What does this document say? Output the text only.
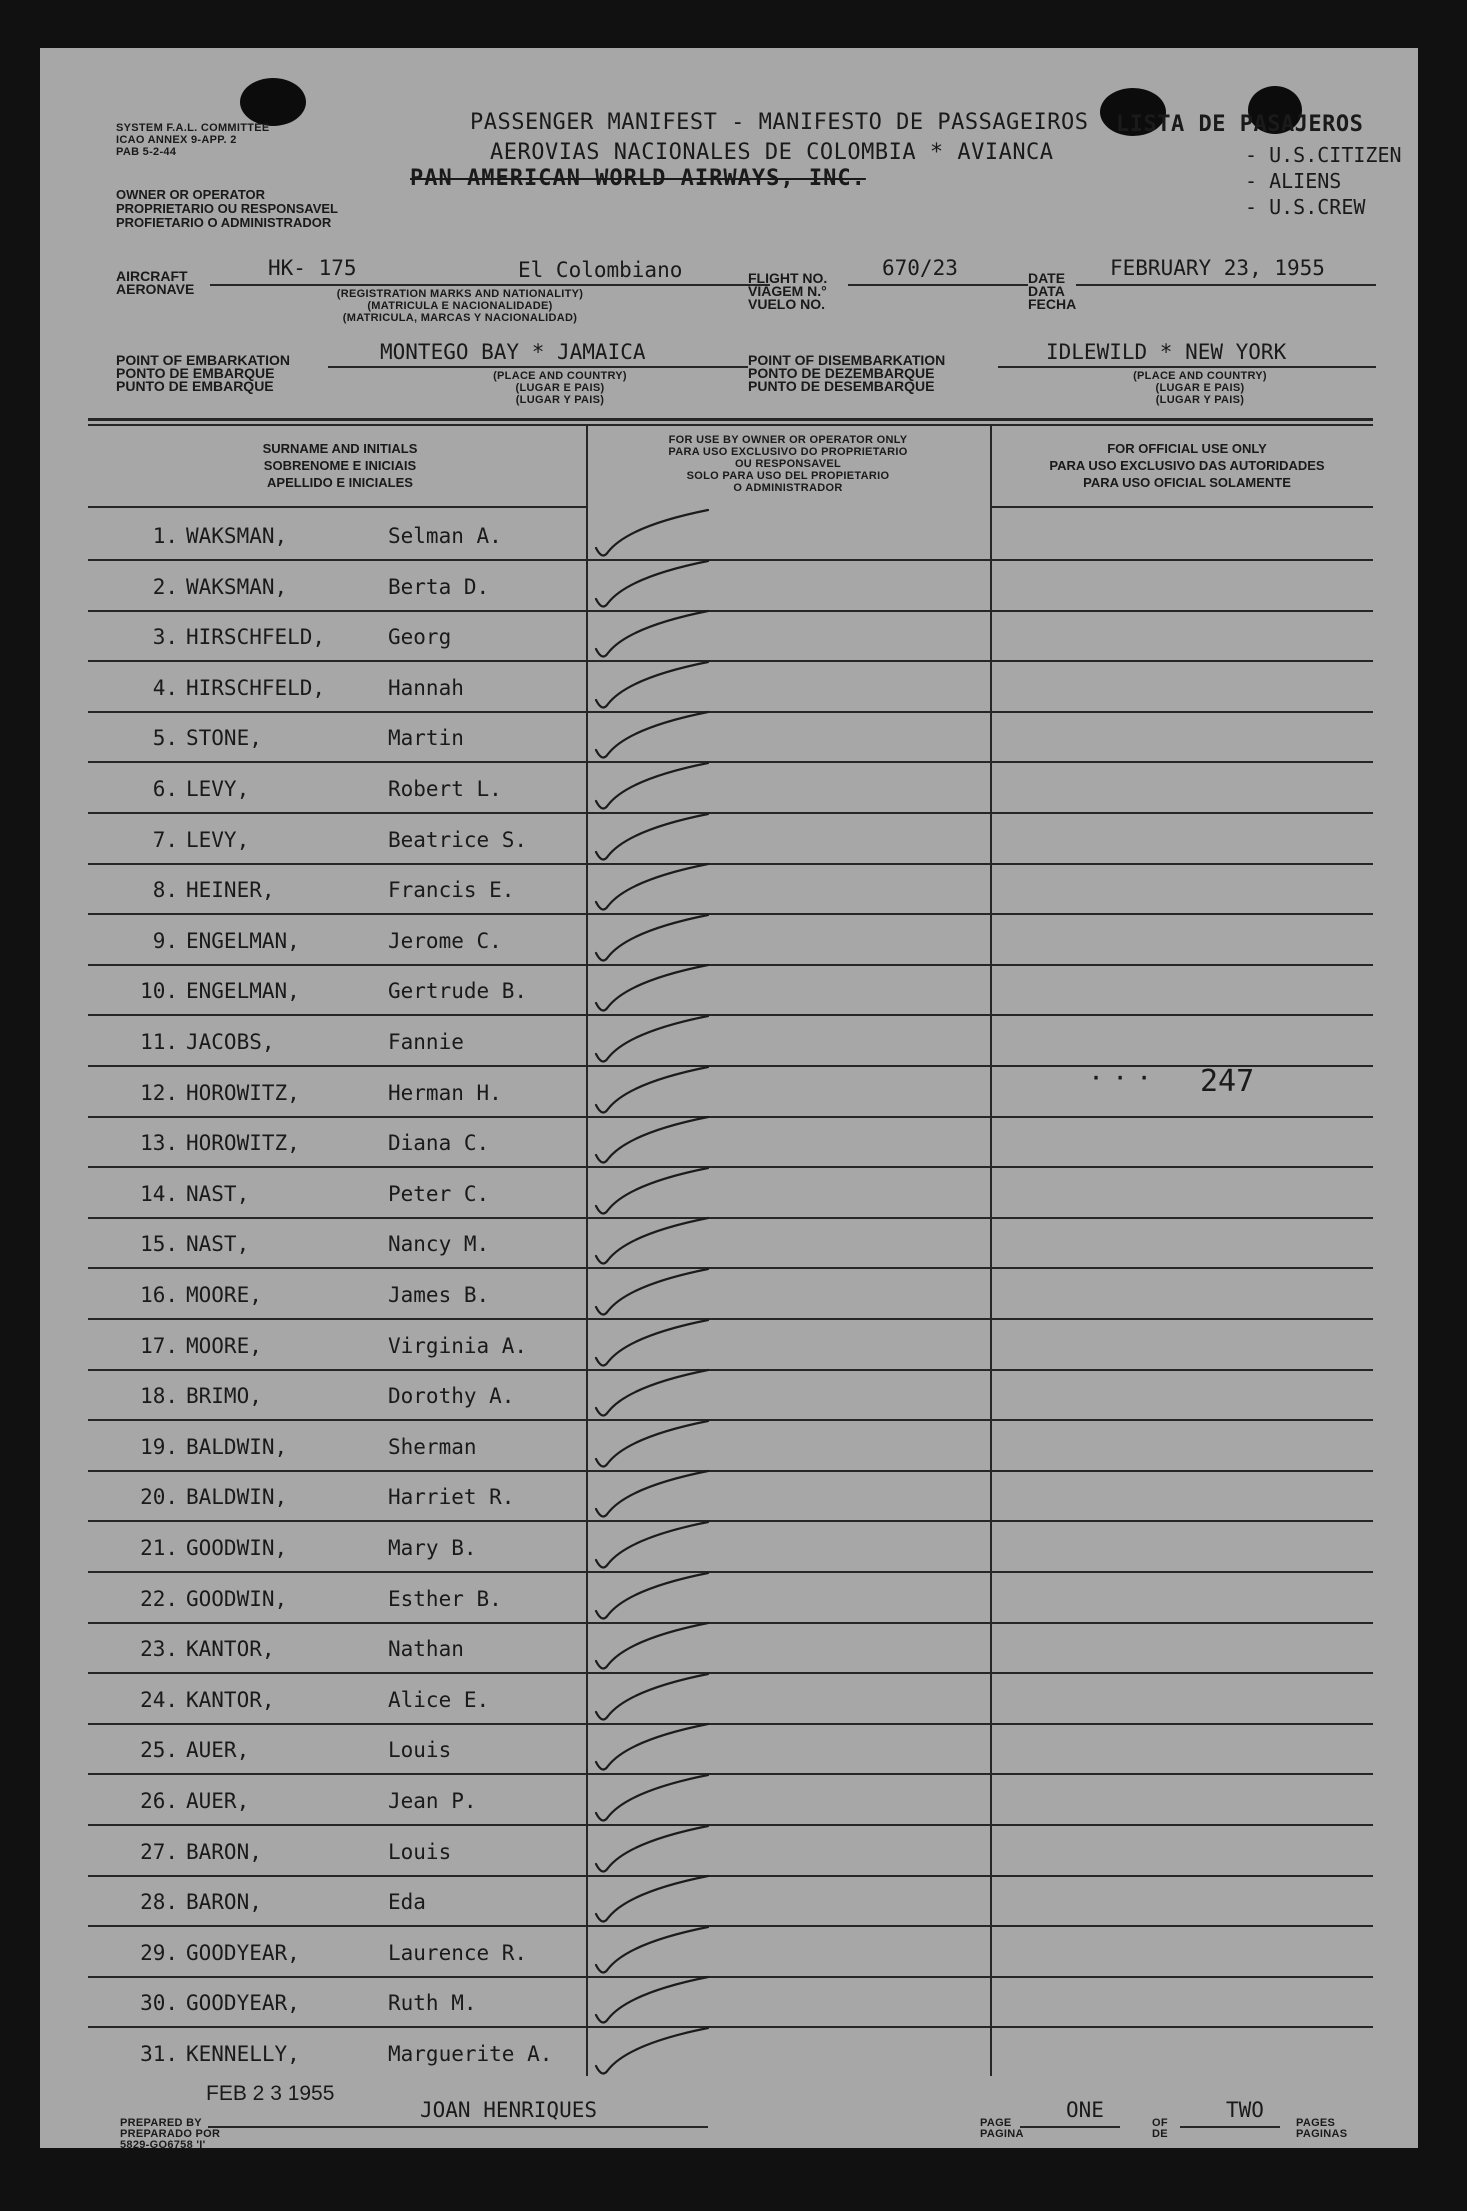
SYSTEM F.A.L. COMMITTEE
ICAO ANNEX 9-APP. 2
PAB 5-2-44
OWNER OR OPERATOR
PROPRIETARIO OU RESPONSAVEL
PROFIETARIO O ADMINISTRADOR
PASSENGER MANIFEST - MANIFESTO DE PASSAGEIROS LISTA DE PASAJEROS
AEROVIAS NACIONALES DE COLOMBIA * AVIANCA
PAN AMERICAN WORLD AIRWAYS, INC.
- U.S.CITIZEN
- ALIENS
- U.S.CREW
AIRCRAFT
AERONAVE
HK- 175	El Colombiano
(REGISTRATION MARKS AND NATIONALITY)
(MATRICULA E NACIONALIDADE)
(MATRICULA, MARCAS Y NACIONALIDAD)
FLIGHT NO.
VIAGEM N.°
VUELO NO.
670/23	DATE
DATA
FECHA
FEBRUARY 23, 1955
POINT OF EMBARKATION
PONTO DE EMBARQUE
PUNTO DE EMBARQUE
MONTEGO BAY * JAMAICA
(PLACE AND COUNTRY)
(LUGAR E PAIS)
(LUGAR Y PAIS)
POINT OF DISEMBARKATION
PONTO DE DEZEMBARQUE
PUNTO DE DESEMBARQUE
IDLEWILD * NEW YORK
(PLACE AND COUNTRY)
(LUGAR E PAIS)
(LUGAR Y PAIS)
SURNAME AND INITIALS
SOBRENOME E INICIAIS
APELLIDO E INICIALES
FOR USE BY OWNER OR OPERATOR ONLY
PARA USO EXCLUSIVO DO PROPRIETARIO
OU RESPONSAVEL
SOLO PARA USO DEL PROPIETARIO
O ADMINISTRADOR
FOR OFFICIAL USE ONLY
PARA USO EXCLUSIVO DAS AUTORIDADES
PARA USO OFICIAL SOLAMENTE
1. WAKSMAN,	Selman A.
2. WAKSMAN,	Berta D.
3. HIRSCHFELD,	Georg
4. HIRSCHFELD,	Hannah
5. STONE,	Martin
6. LEVY,	Robert L.
7. LEVY,	Beatrice S.
8. HEINER,	Francis E.
9. ENGELMAN,	Jerome C.
10. ENGELMAN,	Gertrude B.
11. JACOBS,	Fannie
12. HOROWITZ,	Herman H.
13. HOROWITZ,	Diana C.
14. NAST,	Peter C.
15. NAST,	Nancy M.
16. MOORE,	James B.
17. MOORE,	Virginia A.
18. BRIMO,	Dorothy A.
19. BALDWIN,	Sherman
20. BALDWIN,	Harriet R.
21. GOODWIN,	Mary B.
22. GOODWIN,	Esther B.
23. KANTOR,	Nathan
24. KANTOR,	Alice E.
25. AUER,	Louis
26. AUER,	Jean P.
27. BARON,	Louis
28. BARON,	Eda
29. GOODYEAR,	Laurence R.
30. GOODYEAR,	Ruth M.
31. KENNELLY,	Marguerite A.
· · · 247
FEB 2 3 1955
PREPARED BY
PREPARADO POR
5829-GO6758 'I'
JOAN HENRIQUES
PAGE
PAGINA
ONE
OF
DE
TWO
PAGES
PAGINAS
